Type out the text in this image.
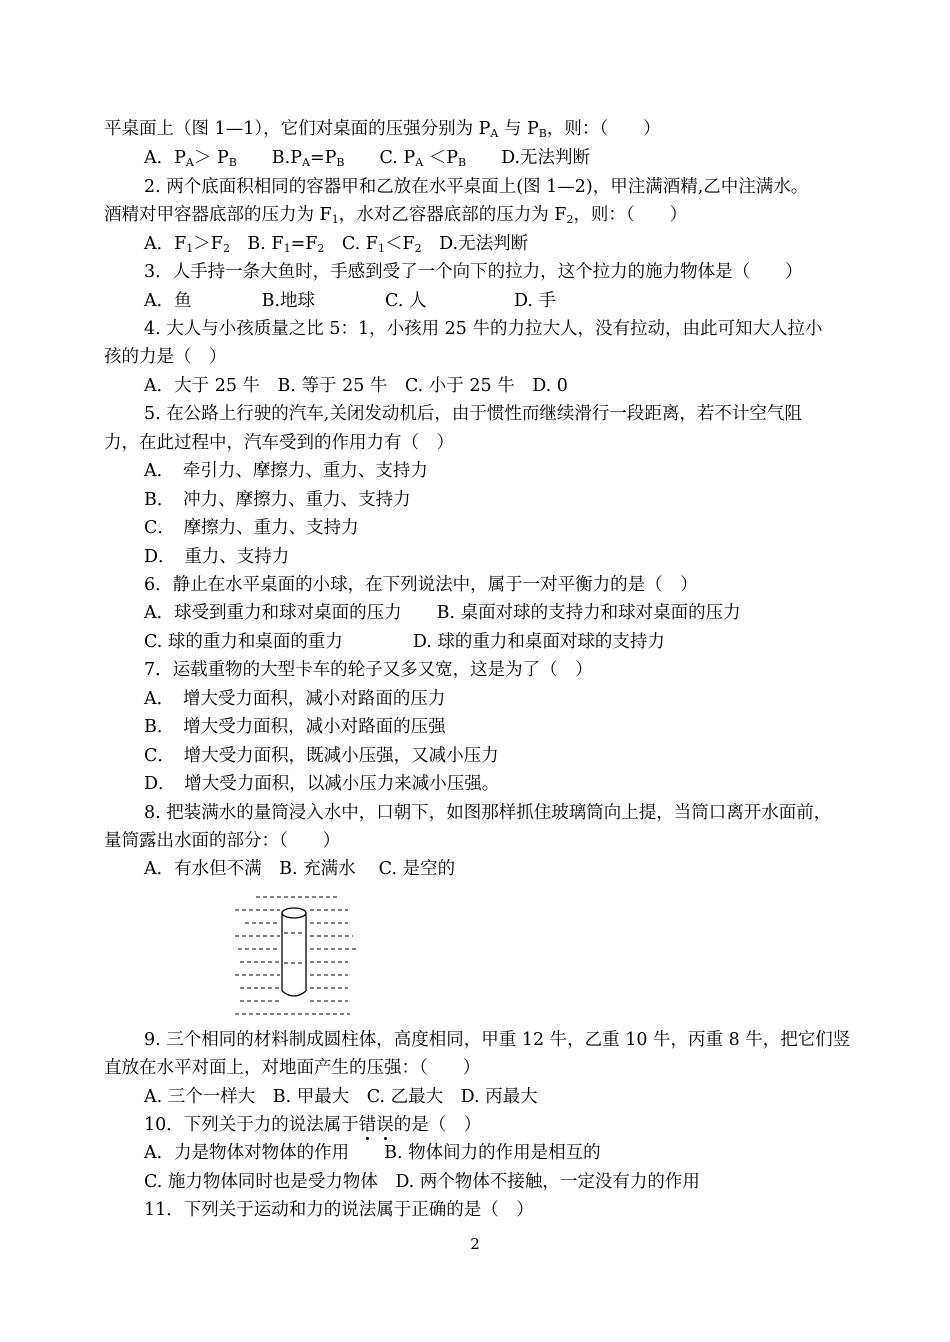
平桌面上（图 1—1），它们对桌面的压强分别为 $P_A$ 与 $P_B$，则：（　　）
A．$P_A> P_B$　　$B.P_A=P_B$　　C. $P_A <P_B$　　D.无法判断
2. 两个底面积相同的容器甲和乙放在水平桌面上(图 1—2)，甲注满酒精,乙中注满水。
酒精对甲容器底部的压力为 $F_1$，水对乙容器底部的压力为 $F_2$，则：（　　）
A．$F_1>F_2$　B. $F_1=F_2$　C. $F_1<F_2$　D.无法判断
3．人手持一条大鱼时，手感到受了一个向下的拉力，这个拉力的施力物体是（　　）
A．鱼　　　　B.地球　　　　C. 人　　　　　D. 手
4. 大人与小孩质量之比 5：1，小孩用 25 牛的力拉大人，没有拉动，由此可知大人拉小
孩的力是（　）
A．大于 25 牛　B. 等于 25 牛　C. 小于 25 牛　D. 0
5. 在公路上行驶的汽车,关闭发动机后，由于惯性而继续滑行一段距离，若不计空气阻
力，在此过程中，汽车受到的作用力有（　）
A．　牵引力、摩擦力、重力、支持力
B．　冲力、摩擦力、重力、支持力
C．　摩擦力、重力、支持力
D．　重力、支持力
6．静止在水平桌面的小球，在下列说法中，属于一对平衡力的是（　）
A．球受到重力和球对桌面的压力　　B. 桌面对球的支持力和球对桌面的压力
C. 球的重力和桌面的重力　　　　D. 球的重力和桌面对球的支持力
7．运载重物的大型卡车的轮子又多又宽，这是为了（　）
A．　增大受力面积，减小对路面的压力
B．　增大受力面积，减小对路面的压强
C．　增大受力面积，既减小压强，又减小压力
D．　增大受力面积，以减小压力来减小压强。
8. 把装满水的量筒浸入水中，口朝下，如图那样抓住玻璃筒向上提，当筒口离开水面前，
量筒露出水面的部分：（　　）
A．有水但不满　B. 充满水　 C. 是空的
9. 三个相同的材料制成圆柱体，高度相同，甲重 12 牛，乙重 10 牛，丙重 8 牛，把它们竖
直放在水平对面上，对地面产生的压强：（　　）
A. 三个一样大　B. 甲最大　C. 乙最大　D. 丙最大
10．下列关于力的说法属于错误的是（　）
A．力是物体对物体的作用　　B. 物体间力的作用是相互的
C. 施力物体同时也是受力物体　D. 两个物体不接触，一定没有力的作用
11．下列关于运动和力的说法属于正确的是（　）
2
